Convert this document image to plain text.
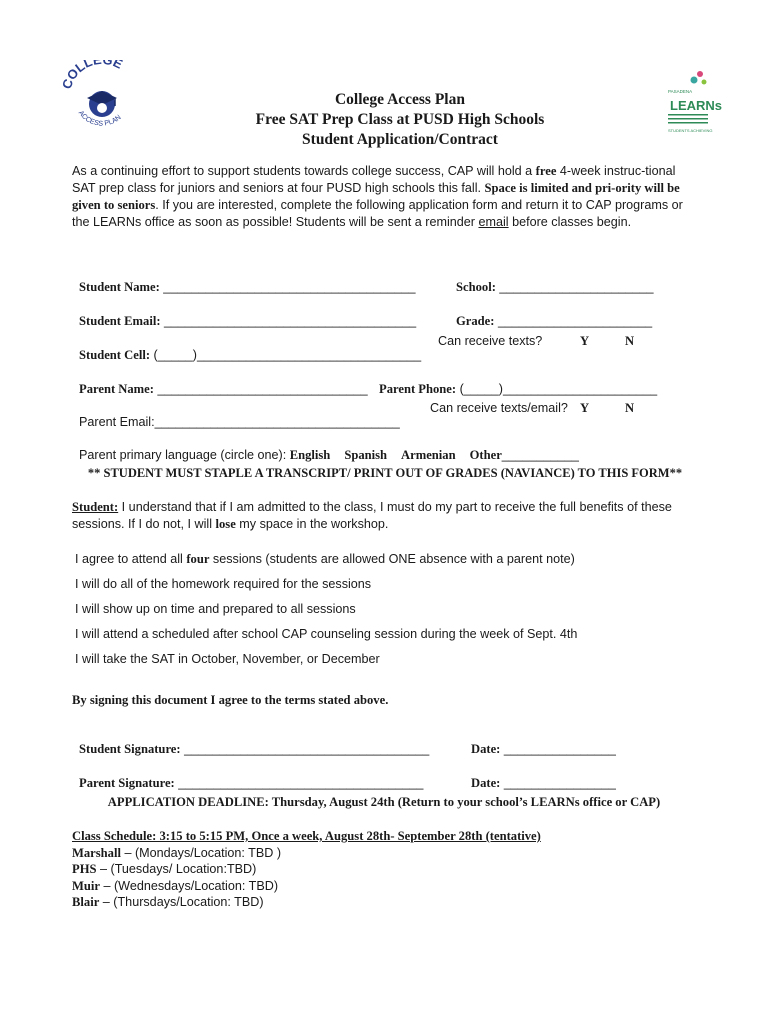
OLL E
ACCESS PLAN
PASADENA
LEARNs
STUDENTS ACHIEVING
College Access Plan
Free SAT Prep Class at PUSD High Schools
Student Application/Contract
As a continuing effort to support students towards college success, CAP will hold a free 4-week instruc-tional SAT prep class for juniors and seniors at four PUSD high schools this fall. Space is limited and pri-ority will be given to seniors. If you are interested, complete the following application form and return it to CAP programs or the LEARNs office as soon as possible! Students will be sent a reminder email before classes begin.

Student Name: ____________________________________	School: ______________________

Student Email: ____________________________________	Grade: ______________________

Student Cell: (_____)________________________________

Can receive texts?	Y	N

Parent Name: ______________________________ Parent Phone: (_____)______________________

Parent Email:___________________________________

Can receive texts/email? Y	N

Parent primary language (circle one): English Spanish Armenian Other___________

** STUDENT MUST STAPLE A TRANSCRIPT/ PRINT OUT OF GRADES (NAVIANCE) TO THIS FORM**
Student: I understand that if I am admitted to the class, I must do my part to receive the full benefits of these sessions. If I do not, I will lose my space in the workshop.
I agree to attend all four sessions (students are allowed ONE absence with a parent note)
I will do all of the homework required for the sessions
I will show up on time and prepared to all sessions
I will attend a scheduled after school CAP counseling session during the week of Sept. 4th
I will take the SAT in October, November, or December
By signing this document I agree to the terms stated above.

Student Signature: ___________________________________	Date: ________________

Parent Signature: ___________________________________	Date: ________________

APPLICATION DEADLINE: Thursday, August 24th (Return to your school’s LEARNs office or CAP)
Class Schedule: 3:15 to 5:15 PM, Once a week, August 28th- September 28th (tentative)
Marshall – (Mondays/Location: TBD )
PHS – (Tuesdays/ Location:TBD)
Muir – (Wednesdays/Location: TBD)
Blair – (Thursdays/Location: TBD)
